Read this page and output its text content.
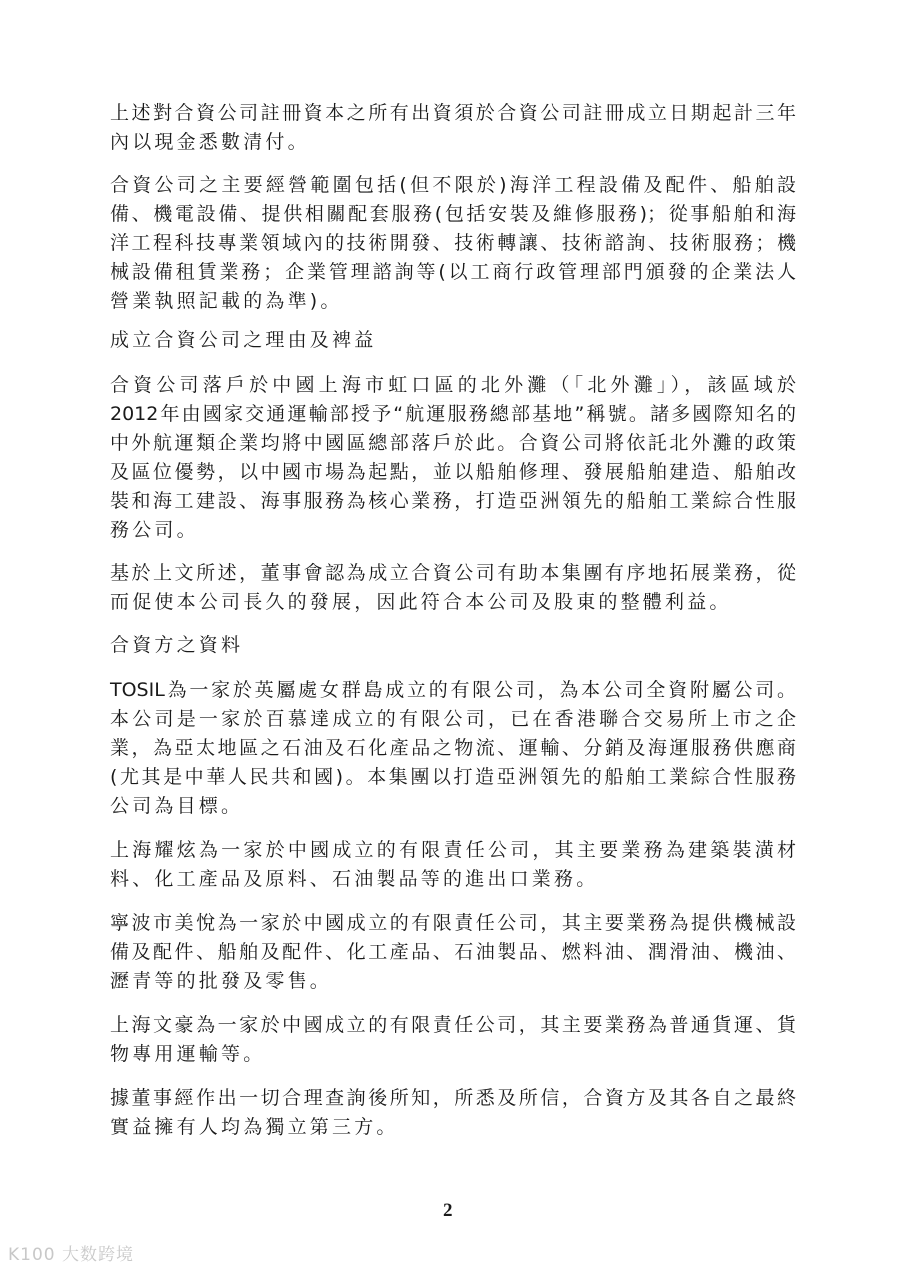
上述對合資公司註冊資本之所有出資須於合資公司註冊成立日期起計三年
內以現金悉數清付。
合資公司之主要經營範圍包括(但不限於)海洋工程設備及配件、船舶設
備、機電設備、提供相關配套服務(包括安裝及維修服務)；從事船舶和海
洋工程科技專業領域內的技術開發、技術轉讓、技術諮詢、技術服務；機
械設備租賃業務；企業管理諮詢等(以工商行政管理部門頒發的企業法人
營業執照記載的為準)。
成立合資公司之理由及裨益
合資公司落戶於中國上海市虹口區的北外灘（「北外灘」），該區域於
2012年由國家交通運輸部授予“航運服務總部基地”稱號。諸多國際知名的
中外航運類企業均將中國區總部落戶於此。合資公司將依託北外灘的政策
及區位優勢，以中國市場為起點，並以船舶修理、發展船舶建造、船舶改
裝和海工建設、海事服務為核心業務，打造亞洲領先的船舶工業綜合性服
務公司。
基於上文所述，董事會認為成立合資公司有助本集團有序地拓展業務，從
而促使本公司長久的發展，因此符合本公司及股東的整體利益。
合資方之資料
TOSIL為一家於英屬處女群島成立的有限公司，為本公司全資附屬公司。
本公司是一家於百慕達成立的有限公司，已在香港聯合交易所上市之企
業，為亞太地區之石油及石化產品之物流、運輸、分銷及海運服務供應商
(尤其是中華人民共和國)。本集團以打造亞洲領先的船舶工業綜合性服務
公司為目標。
上海耀炫為一家於中國成立的有限責任公司，其主要業務為建築裝潢材
料、化工產品及原料、石油製品等的進出口業務。
寧波市美悅為一家於中國成立的有限責任公司，其主要業務為提供機械設
備及配件、船舶及配件、化工產品、石油製品、燃料油、潤滑油、機油、
瀝青等的批發及零售。
上海文豪為一家於中國成立的有限責任公司，其主要業務為普通貨運、貨
物專用運輸等。
據董事經作出一切合理查詢後所知，所悉及所信，合資方及其各自之最終
實益擁有人均為獨立第三方。
2
K100 大数跨境
